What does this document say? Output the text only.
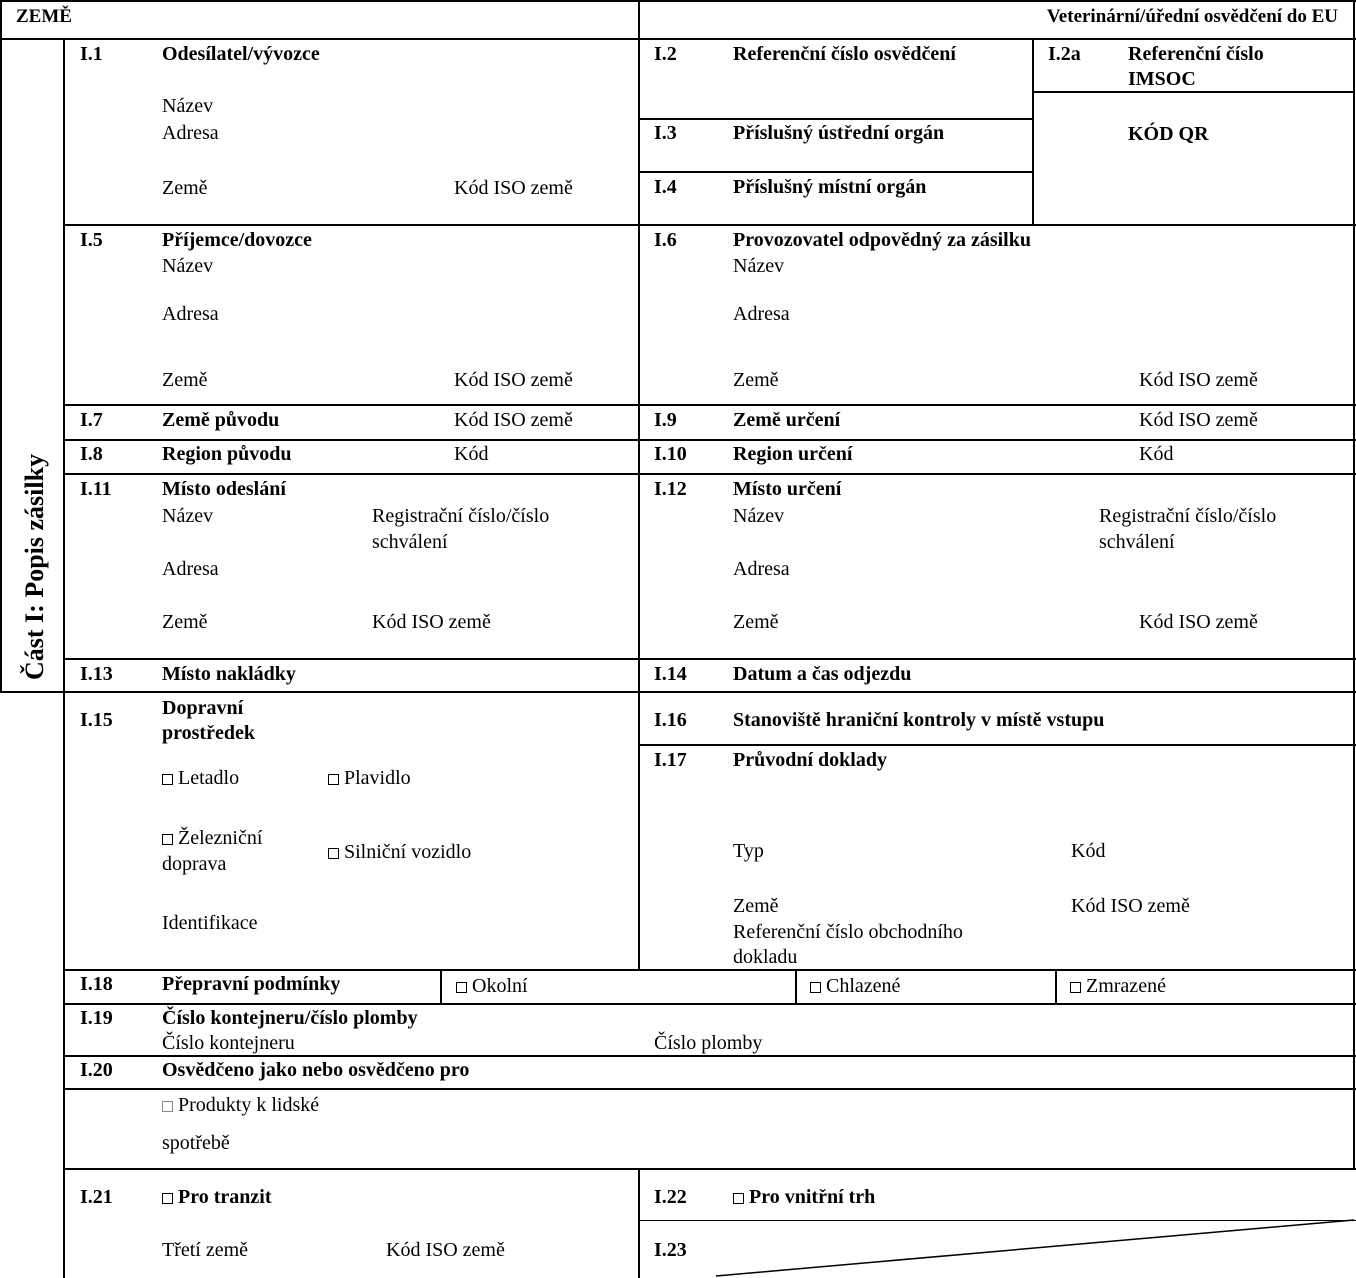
ZEMĚ	Veterinární/úřední osvědčení do EU
Část I: Popis zásilky
I.1	Odesílatel/vývozce
Název
Adresa
Země	Kód ISO země
I.2	Referenční číslo osvědčení	I.2a Referenční číslo
IMSOC
KÓD QR
I.3	Příslušný ústřední orgán
I.4	Příslušný místní orgán
I.5	Příjemce/dovozce
Název
Adresa
Země	Kód ISO země
I.6	Provozovatel odpovědný za zásilku
Název
Adresa
Země	Kód ISO země
I.7	Země původu	Kód ISO země	I.9	Země určení	Kód ISO země
I.8	Region původu	Kód	I.10 Region určení	Kód
I.11	Místo odeslání
Název	Registrační číslo/číslo
schválení
Adresa
Země	Kód ISO země
I.12 Místo určení
Název	Registrační číslo/číslo
schválení
Adresa
Země	Kód ISO země
I.13 Místo nakládky	I.14 Datum a čas odjezdu
I.15
Dopravní
prostředek
Letadlo	Plavidlo
Železniční
doprava
Silniční vozidlo
Identifikace
I.16 Stanoviště hraniční kontroly v místě vstupu
I.17 Průvodní doklady
Typ	Kód
Země	Kód ISO země
Referenční číslo obchodního
dokladu
I.18 Přepravní podmínky	Okolní	Chlazené	Zmrazené
I.19 Číslo kontejneru/číslo plomby
Číslo kontejneru	Číslo plomby
I.20 Osvědčeno jako nebo osvědčeno pro
Produkty k lidské
spotřebě
I.21	Pro tranzit
Třetí země	Kód ISO země
I.22	Pro vnitřní trh
I.23
